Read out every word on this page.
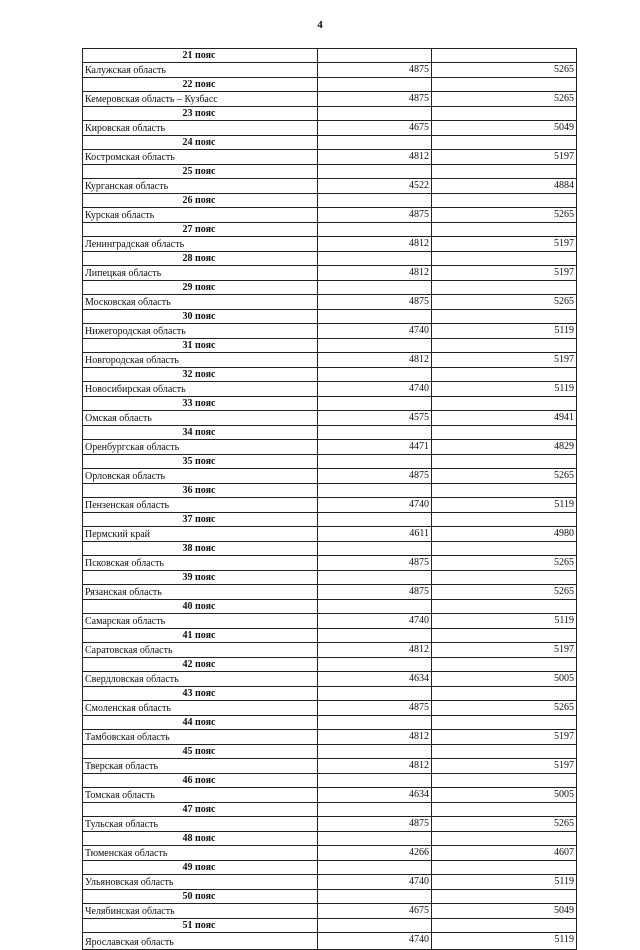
4
21 пояс		
Калужская область	4875	5265
22 пояс		
Кемеровская область – Кузбасс	4875	5265
23 пояс		
Кировская область	4675	5049
24 пояс		
Костромская область	4812	5197
25 пояс		
Курганская область	4522	4884
26 пояс		
Курская область	4875	5265
27 пояс		
Ленинградская область	4812	5197
28 пояс		
Липецкая область	4812	5197
29 пояс		
Московская область	4875	5265
30 пояс		
Нижегородская область	4740	5119
31 пояс		
Новгородская область	4812	5197
32 пояс		
Новосибирская область	4740	5119
33 пояс		
Омская область	4575	4941
34 пояс		
Оренбургская область	4471	4829
35 пояс		
Орловская область	4875	5265
36 пояс		
Пензенская область	4740	5119
37 пояс		
Пермский край	4611	4980
38 пояс		
Псковская область	4875	5265
39 пояс		
Рязанская область	4875	5265
40 пояс		
Самарская область	4740	5119
41 пояс		
Саратовская область	4812	5197
42 пояс		
Свердловская область	4634	5005
43 пояс		
Смоленская область	4875	5265
44 пояс		
Тамбовская область	4812	5197
45 пояс		
Тверская область	4812	5197
46 пояс		
Томская область	4634	5005
47 пояс		
Тульская область	4875	5265
48 пояс		
Тюменская область	4266	4607
49 пояс		
Ульяновская область	4740	5119
50 пояс		
Челябинская область	4675	5049
51 пояс		
Ярославская область	4740	5119
